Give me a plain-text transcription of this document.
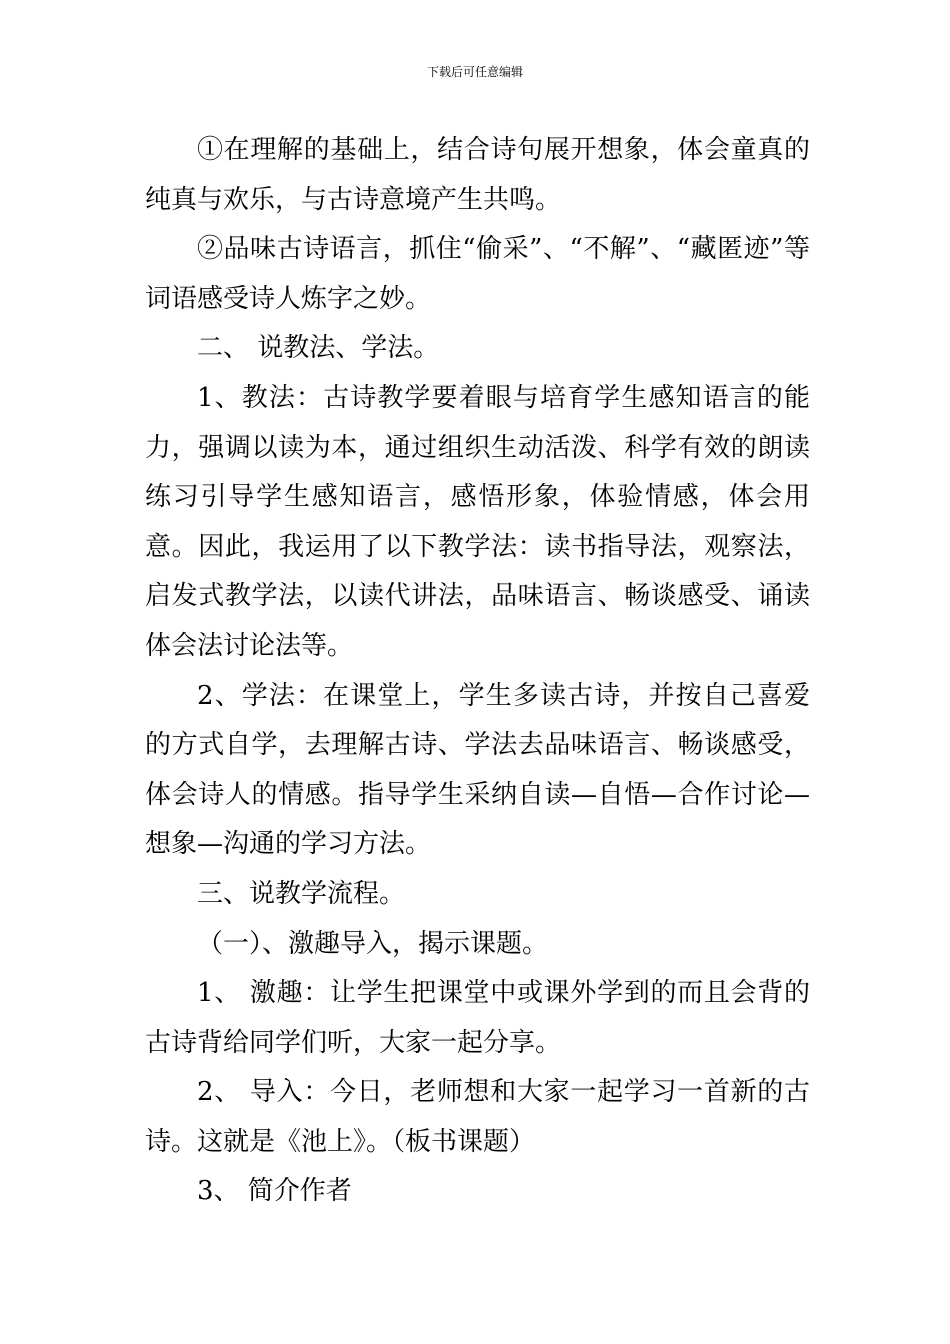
下载后可任意编辑

①在理解的基础上，结合诗句展开想象，体会童真的纯真与欢乐，与古诗意境产生共鸣。

②品味古诗语言，抓住“偷采”、“不解”、“藏匿迹”等词语感受诗人炼字之妙。

二、 说教法、学法。

1、教法：古诗教学要着眼与培育学生感知语言的能力，强调以读为本，通过组织生动活泼、科学有效的朗读练习引导学生感知语言，感悟形象，体验情感，体会用意。因此，我运用了以下教学法：读书指导法，观察法，启发式教学法，以读代讲法，品味语言、畅谈感受、诵读体会法讨论法等。

2、学法：在课堂上，学生多读古诗，并按自己喜爱的方式自学，去理解古诗、学法去品味语言、畅谈感受，体会诗人的情感。指导学生采纳自读—自悟—合作讨论—想象—沟通的学习方法。

三、说教学流程。

（一）、激趣导入，揭示课题。

1、 激趣：让学生把课堂中或课外学到的而且会背的古诗背给同学们听，大家一起分享。

2、 导入：今日，老师想和大家一起学习一首新的古诗。这就是《池上》。（板书课题）

3、 简介作者
